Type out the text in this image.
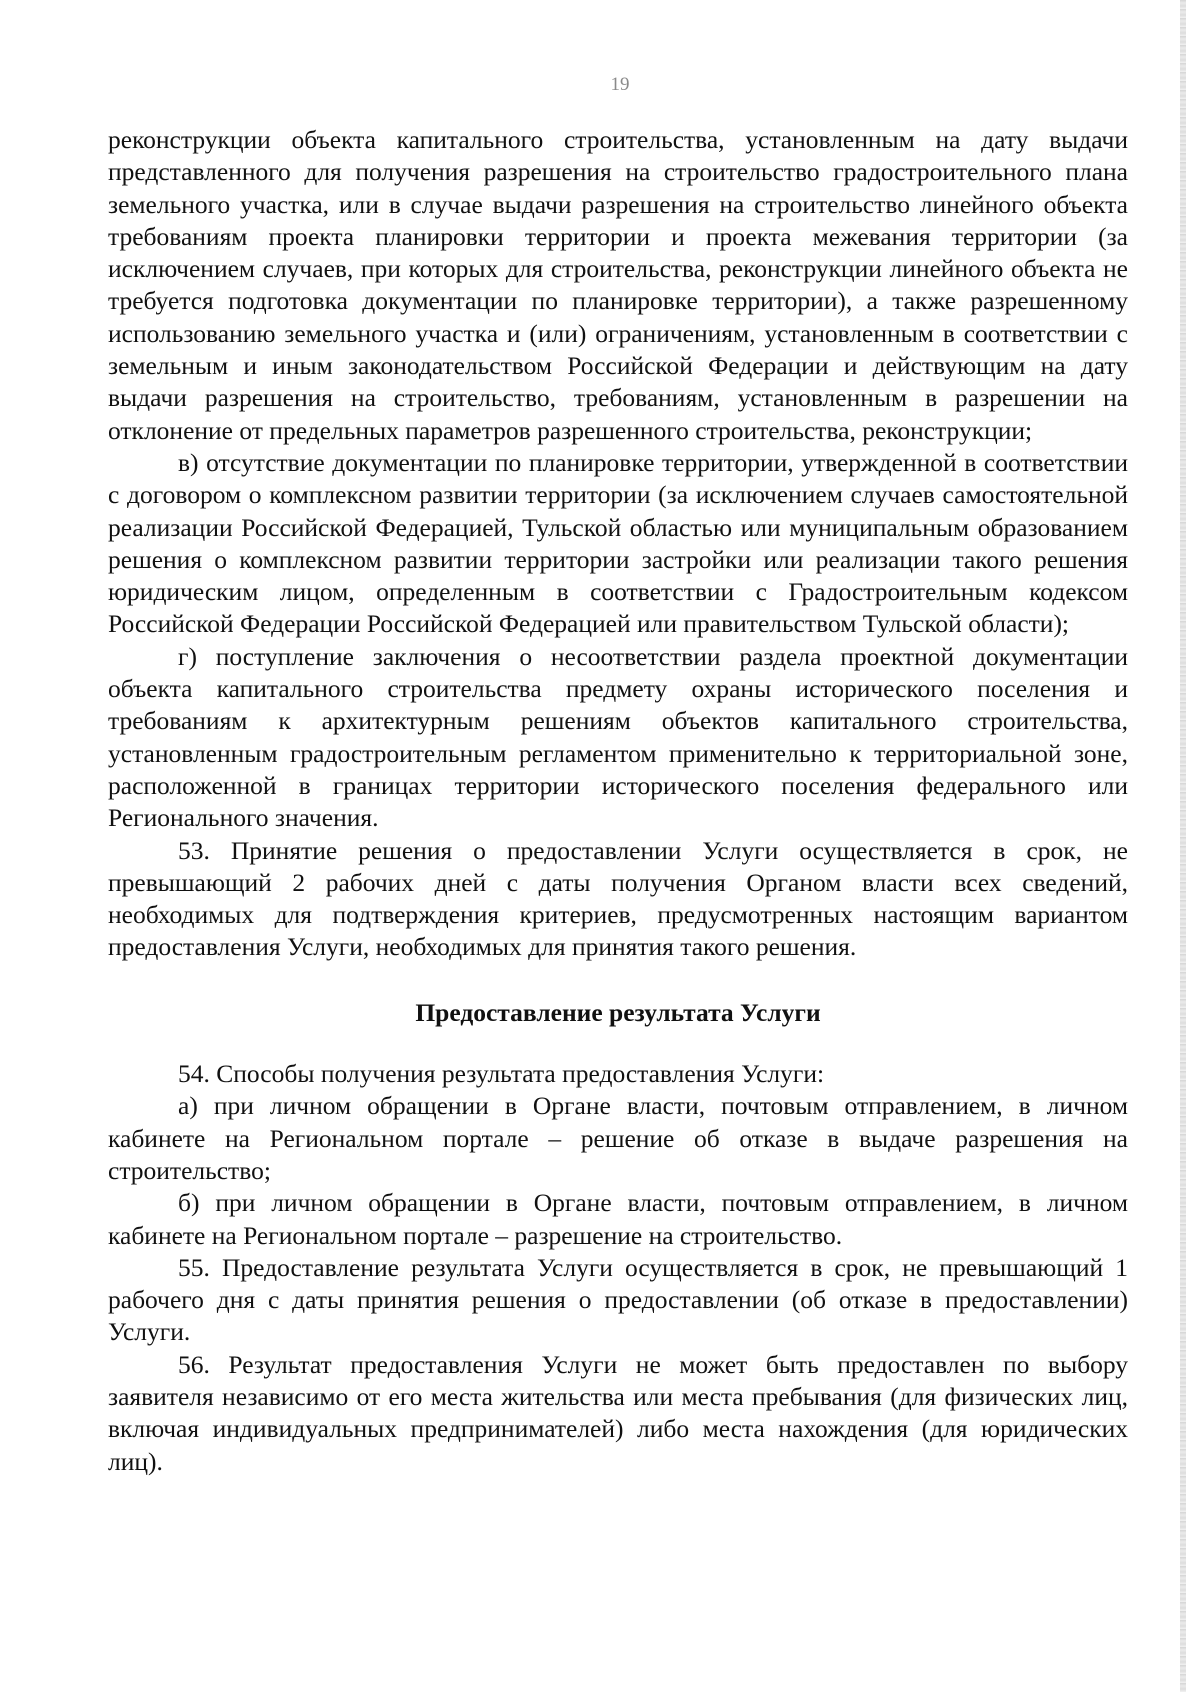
19

реконструкции объекта капитального строительства, установленным на дату выдачи представленного для получения разрешения на строительство градостроительного плана земельного участка, или в случае выдачи разрешения на строительство линейного объекта требованиям проекта планировки территории и проекта межевания территории (за исключением случаев, при которых для строительства, реконструкции линейного объекта не требуется подготовка документации по планировке территории), а также разрешенному использованию земельного участка и (или) ограничениям, установленным в соответствии с земельным и иным законодательством Российской Федерации и действующим на дату выдачи разрешения на строительство, требованиям, установленным в разрешении на отклонение от предельных параметров разрешенного строительства, реконструкции;

в) отсутствие документации по планировке территории, утвержденной в соответствии с договором о комплексном развитии территории (за исключением случаев самостоятельной реализации Российской Федерацией, Тульской областью или муниципальным образованием решения о комплексном развитии территории застройки или реализации такого решения юридическим лицом, определенным в соответствии с Градостроительным кодексом Российской Федерации Российской Федерацией или правительством Тульской области);

г) поступление заключения о несоответствии раздела проектной документации объекта капитального строительства предмету охраны исторического поселения и требованиям к архитектурным решениям объектов капитального строительства, установленным градостроительным регламентом применительно к территориальной зоне, расположенной в границах территории исторического поселения федерального или Регионального значения.

53. Принятие решения о предоставлении Услуги осуществляется в срок, не превышающий 2 рабочих дней с даты получения Органом власти всех сведений, необходимых для подтверждения критериев, предусмотренных настоящим вариантом предоставления Услуги, необходимых для принятия такого решения.

Предоставление результата Услуги

54. Способы получения результата предоставления Услуги:

а) при личном обращении в Органе власти, почтовым отправлением, в личном кабинете на Региональном портале – решение об отказе в выдаче разрешения на строительство;

б) при личном обращении в Органе власти, почтовым отправлением, в личном кабинете на Региональном портале – разрешение на строительство.

55. Предоставление результата Услуги осуществляется в срок, не превышающий 1 рабочего дня с даты принятия решения о предоставлении (об отказе в предоставлении) Услуги.

56. Результат предоставления Услуги не может быть предоставлен по выбору заявителя независимо от его места жительства или места пребывания (для физических лиц, включая индивидуальных предпринимателей) либо места нахождения (для юридических лиц).
